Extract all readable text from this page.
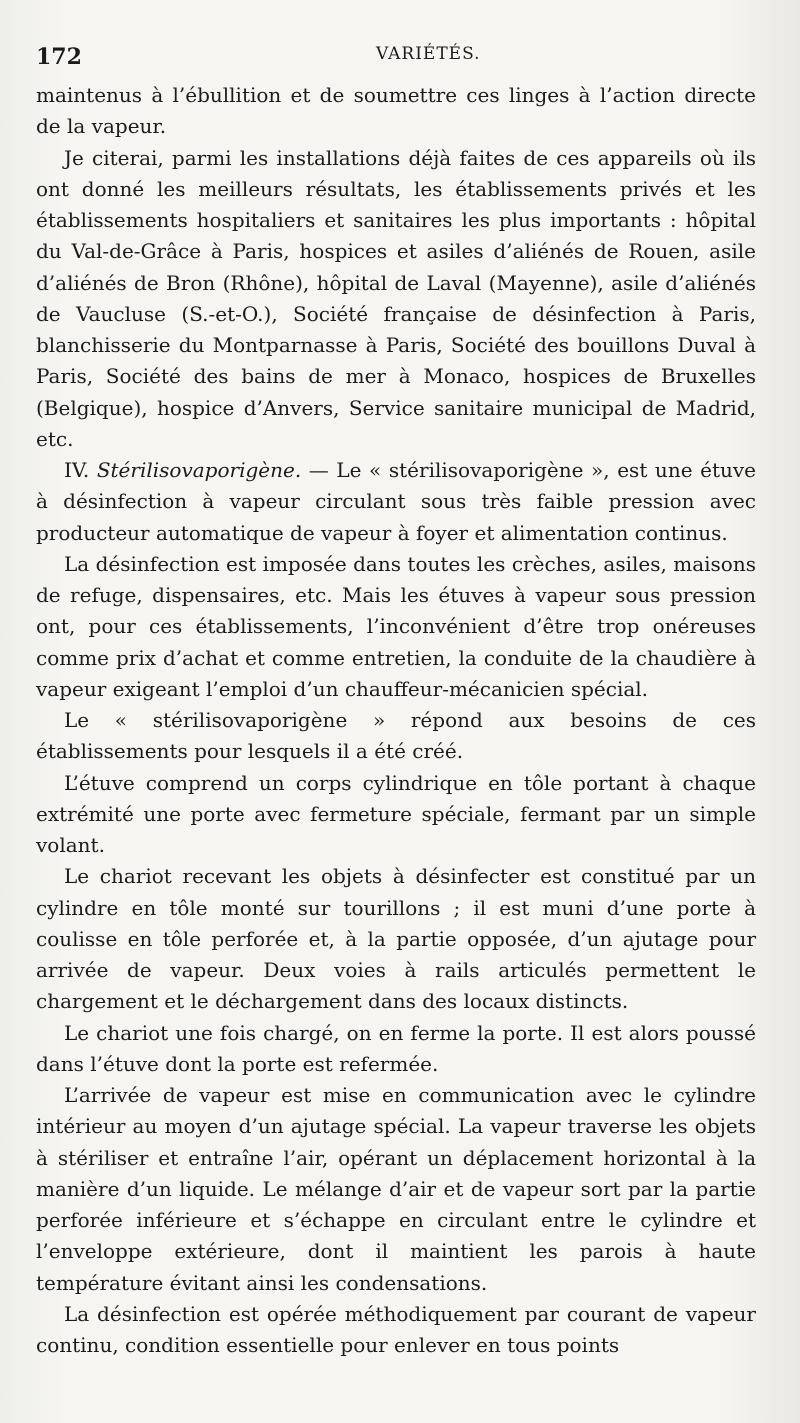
172	VARIÉTÉS.

maintenus à l’ébullition et de soumettre ces linges à l’action directe de la vapeur.

Je citerai, parmi les installations déjà faites de ces appareils où ils ont donné les meilleurs résultats, les établissements privés et les établissements hospitaliers et sanitaires les plus importants : hôpital du Val-de-Grâce à Paris, hospices et asiles d’aliénés de Rouen, asile d’aliénés de Bron (Rhône), hôpital de Laval (Mayenne), asile d’aliénés de Vaucluse (S.-et-O.), Société française de désinfection à Paris, blanchisserie du Montparnasse à Paris, Société des bouillons Duval à Paris, Société des bains de mer à Monaco, hospices de Bruxelles (Belgique), hospice d’Anvers, Service sanitaire municipal de Madrid, etc.

IV. Stérilisovaporigène. — Le « stérilisovaporigène », est une étuve à désinfection à vapeur circulant sous très faible pression avec producteur automatique de vapeur à foyer et alimentation continus.

La désinfection est imposée dans toutes les crèches, asiles, maisons de refuge, dispensaires, etc. Mais les étuves à vapeur sous pression ont, pour ces établissements, l’inconvénient d’être trop onéreuses comme prix d’achat et comme entretien, la conduite de la chaudière à vapeur exigeant l’emploi d’un chauffeur-mécanicien spécial.

Le « stérilisovaporigène » répond aux besoins de ces établissements pour lesquels il a été créé.

L’étuve comprend un corps cylindrique en tôle portant à chaque extrémité une porte avec fermeture spéciale, fermant par un simple volant.

Le chariot recevant les objets à désinfecter est constitué par un cylindre en tôle monté sur tourillons ; il est muni d’une porte à coulisse en tôle perforée et, à la partie opposée, d’un ajutage pour arrivée de vapeur. Deux voies à rails articulés permettent le chargement et le déchargement dans des locaux distincts.

Le chariot une fois chargé, on en ferme la porte. Il est alors poussé dans l’étuve dont la porte est refermée.

L’arrivée de vapeur est mise en communication avec le cylindre intérieur au moyen d’un ajutage spécial. La vapeur traverse les objets à stériliser et entraîne l’air, opérant un déplacement horizontal à la manière d’un liquide. Le mélange d’air et de vapeur sort par la partie perforée inférieure et s’échappe en circulant entre le cylindre et l’enveloppe extérieure, dont il maintient les parois à haute température évitant ainsi les condensations.

La désinfection est opérée méthodiquement par courant de vapeur continu, condition essentielle pour enlever en tous points
